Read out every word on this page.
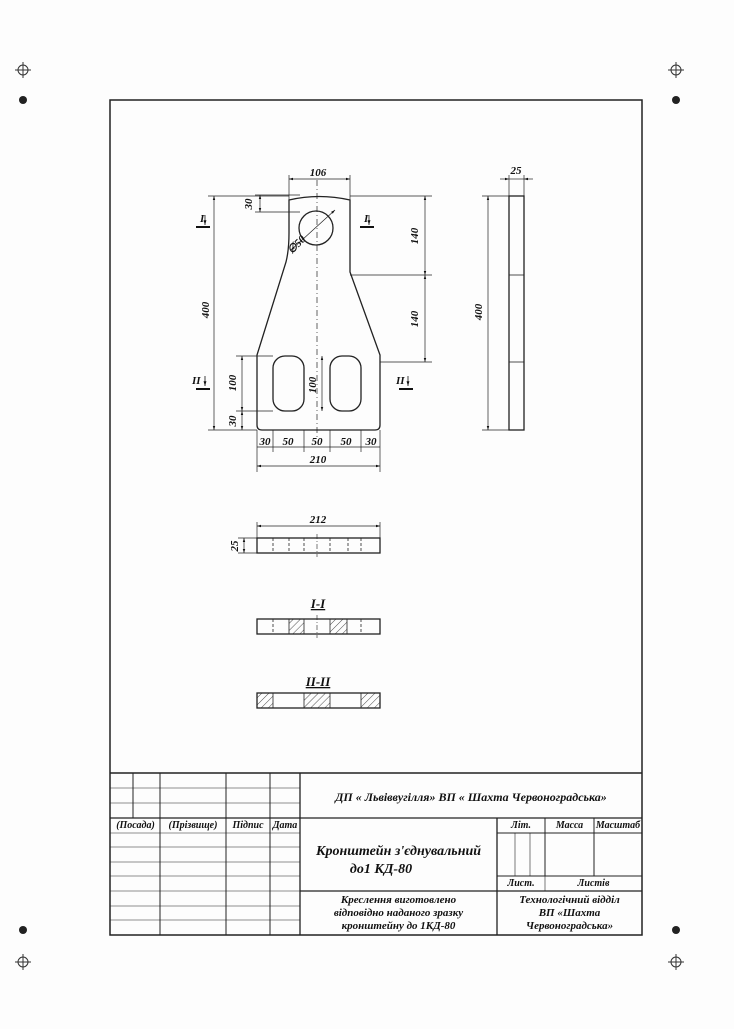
106
30
∅50	140
140
400
100	100
30
30 50 50 50 30
210
I	I
II	II
25
400
212
25
I-I
II-II
ДП « Львіввугілля» ВП « Шахта Червоноградська»
(Посада)	(Прізвище)	Підпис Дата
Кронштейн з'єднувальний
до1 КД-80
Літ.	Масса	Масштаб
Лист.	Листів
Креслення виготовлено
відповідно наданого зразку
кронштейну до 1КД-80
Технологічний відділ
ВП «Шахта
Червоноградська»
